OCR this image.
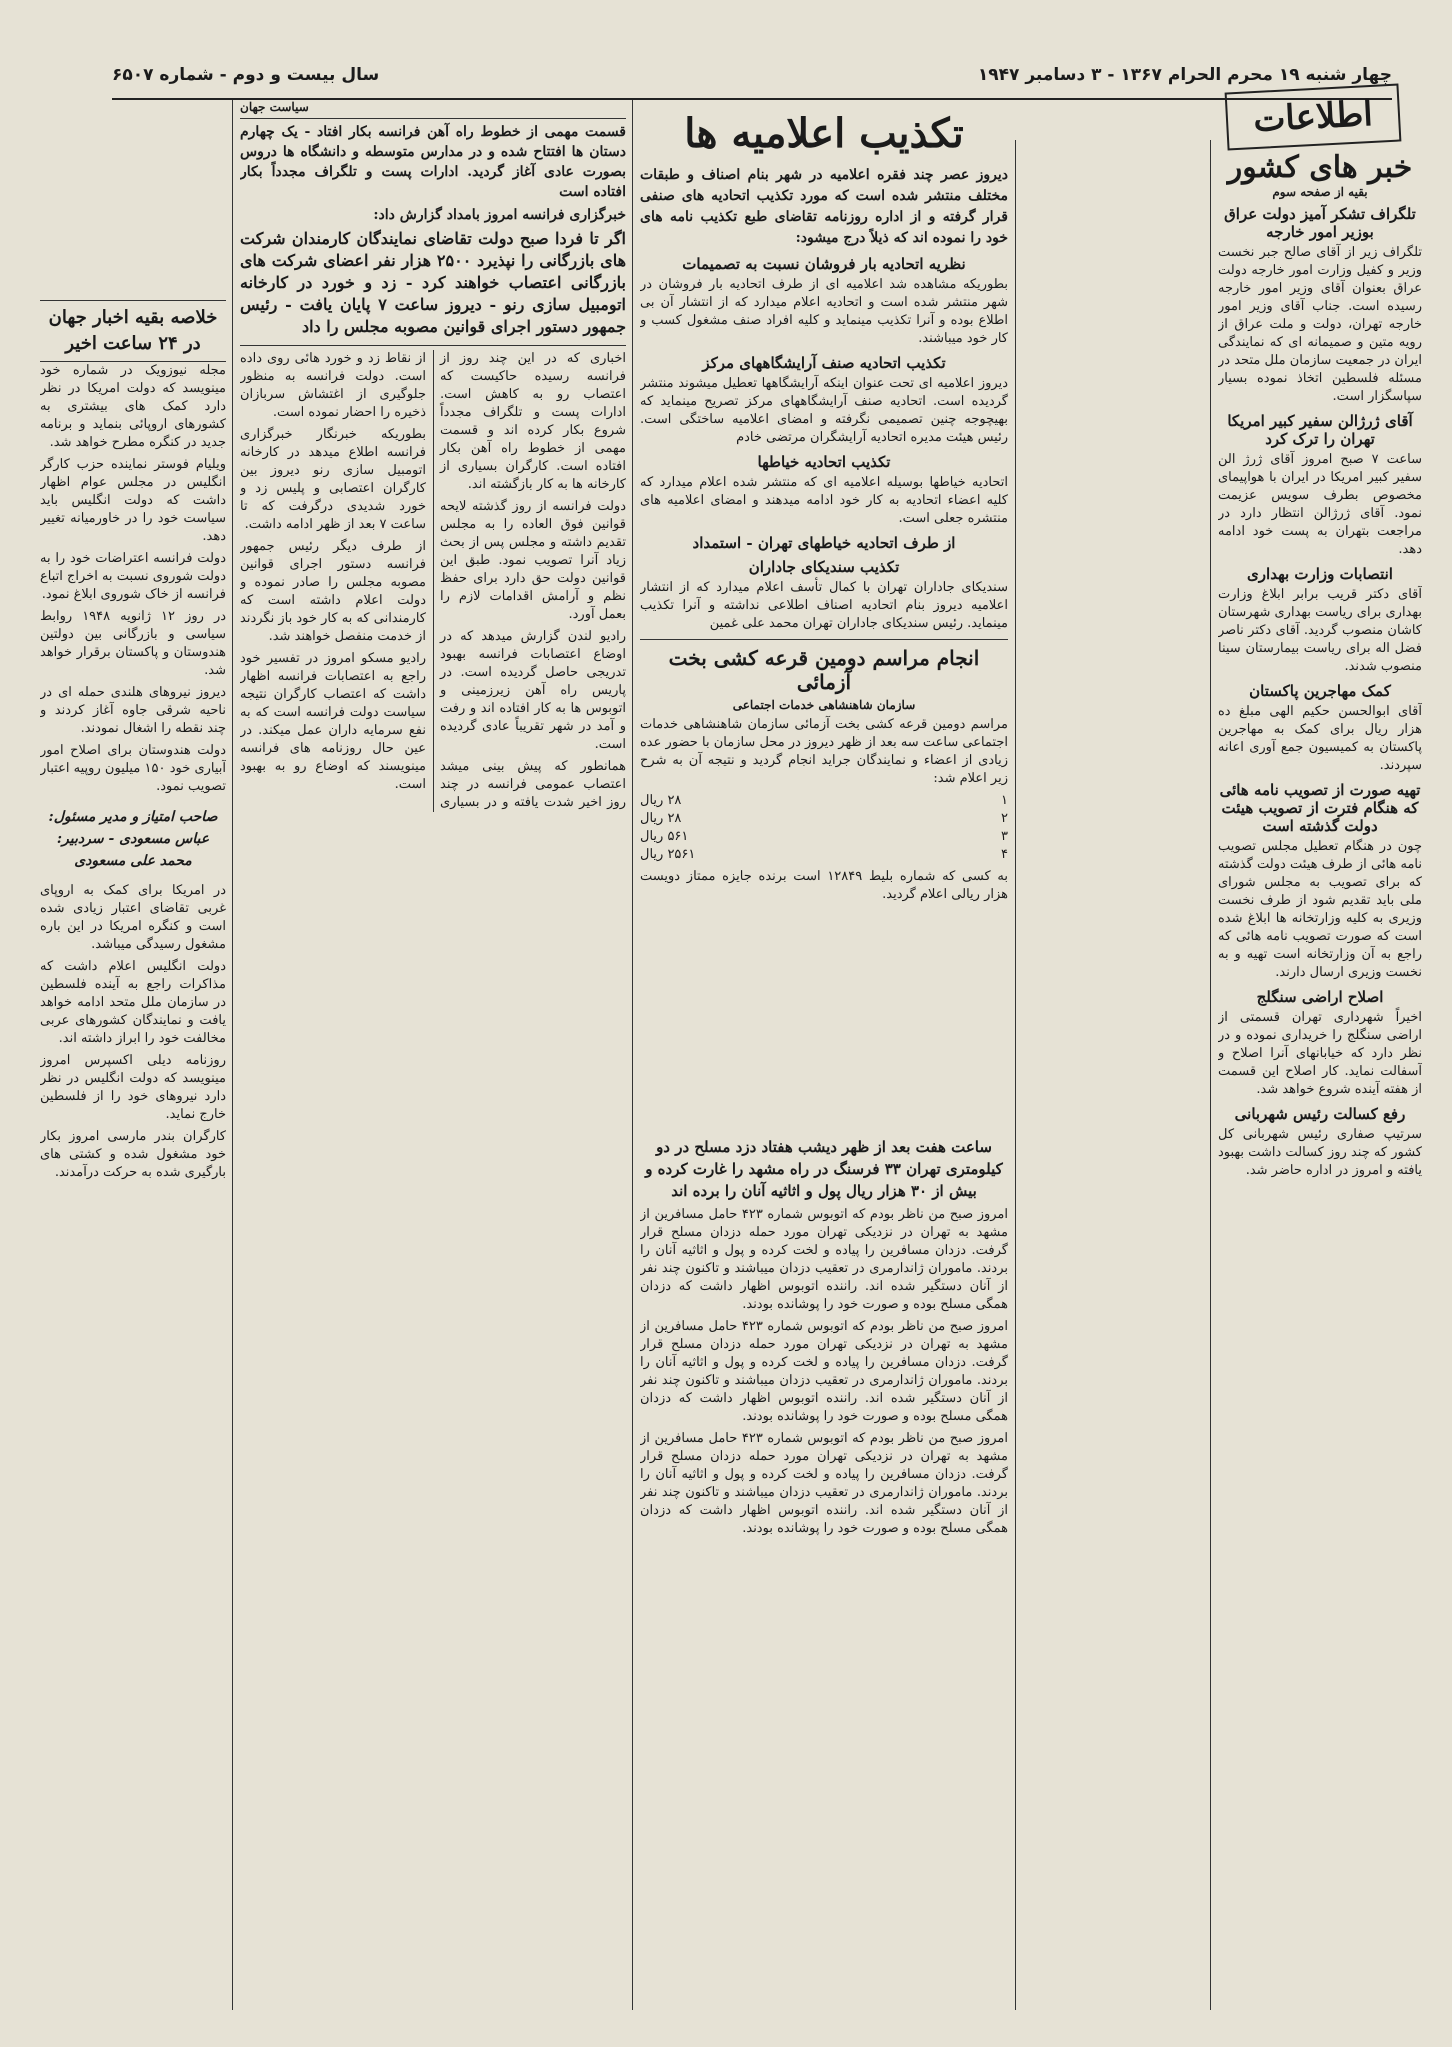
چهار شنبه ۱۹ محرم الحرام ۱۳۶۷ - ۳ دسامبر ۱۹۴۷
سال بیست و دوم - شماره ۶۵۰۷
اطلاعات
خبر های کشور
بقیه از صفحه سوم
تلگراف تشکر آمیز دولت عراق بوزیر امور خارجه

تلگراف زیر از آقای صالح جبر نخست وزیر و کفیل وزارت امور خارجه دولت عراق بعنوان آقای وزیر امور خارجه رسیده است. جناب آقای وزیر امور خارجه تهران، دولت و ملت عراق از رویه متین و صمیمانه ای که نمایندگی ایران در جمعیت سازمان ملل متحد در مسئله فلسطین اتخاذ نموده بسیار سپاسگزار است.

آقای ژرژالن سفیر کبیر امریکا تهران را ترک کرد

ساعت ۷ صبح امروز آقای ژرژ الن سفیر کبیر امریکا در ایران با هواپیمای مخصوص بطرف سویس عزیمت نمود. آقای ژرژالن انتظار دارد در مراجعت بتهران به پست خود ادامه دهد.

انتصابات وزارت بهداری

آقای دکتر قریب برابر ابلاغ وزارت بهداری برای ریاست بهداری شهرستان کاشان منصوب گردید. آقای دکتر ناصر فضل اله برای ریاست بیمارستان سینا منصوب شدند.

کمک مهاجرین پاکستان

آقای ابوالحسن حکیم الهی مبلغ ده هزار ریال برای کمک به مهاجرین پاکستان به کمیسیون جمع آوری اعانه سپردند.

تهیه صورت از تصویب نامه هائی که هنگام فترت از تصویب هیئت دولت گذشته است

چون در هنگام تعطیل مجلس تصویب نامه هائی از طرف هیئت دولت گذشته که برای تصویب به مجلس شورای ملی باید تقدیم شود از طرف نخست وزیری به کلیه وزارتخانه ها ابلاغ شده است که صورت تصویب نامه هائی که راجع به آن وزارتخانه است تهیه و به نخست وزیری ارسال دارند.

اصلاح اراضی سنگلج

اخیراً شهرداری تهران قسمتی از اراضی سنگلج را خریداری نموده و در نظر دارد که خیابانهای آنرا اصلاح و آسفالت نماید. کار اصلاح این قسمت از هفته آینده شروع خواهد شد.

رفع کسالت رئیس شهربانی

سرتیپ صفاری رئیس شهربانی کل کشور که چند روز کسالت داشت بهبود یافته و امروز در اداره حاضر شد.

تکذیب اعلامیه ها

دیروز عصر چند فقره اعلامیه در شهر بنام اصناف و طبقات مختلف منتشر شده است که مورد تکذیب اتحادیه های صنفی قرار گرفته و از اداره روزنامه تقاضای طبع تکذیب نامه های خود را نموده اند که ذیلاً درج میشود:

نظریه اتحادیه بار فروشان نسبت به تصمیمات

بطوریکه مشاهده شد اعلامیه ای از طرف اتحادیه بار فروشان در شهر منتشر شده است و اتحادیه اعلام میدارد که از انتشار آن بی اطلاع بوده و آنرا تکذیب مینماید و کلیه افراد صنف مشغول کسب و کار خود میباشند.

تکذیب اتحادیه صنف آرایشگاههای مرکز

دیروز اعلامیه ای تحت عنوان اینکه آرایشگاهها تعطیل میشوند منتشر گردیده است. اتحادیه صنف آرایشگاههای مرکز تصریح مینماید که بهیچوجه چنین تصمیمی نگرفته و امضای اعلامیه ساختگی است. رئیس هیئت مدیره اتحادیه آرایشگران مرتضی خادم

تکذیب اتحادیه خیاطها

اتحادیه خیاطها بوسیله اعلامیه ای که منتشر شده اعلام میدارد که کلیه اعضاء اتحادیه به کار خود ادامه میدهند و امضای اعلامیه های منتشره جعلی است.

از طرف اتحادیه خیاطهای تهران - استمداد
تکذیب سندیکای جاداران

سندیکای جاداران تهران با کمال تأسف اعلام میدارد که از انتشار اعلامیه دیروز بنام اتحادیه اصناف اطلاعی نداشته و آنرا تکذیب مینماید. رئیس سندیکای جاداران تهران محمد علی غمین

انجام مراسم دومین قرعه کشی بخت آزمائی
سازمان شاهنشاهی خدمات اجتماعی

مراسم دومین قرعه کشی بخت آزمائی سازمان شاهنشاهی خدمات اجتماعی ساعت سه بعد از ظهر دیروز در محل سازمان با حضور عده زیادی از اعضاء و نمایندگان جراید انجام گردید و نتیجه آن به شرح زیر اعلام شد:

۱
۲۸ ریال
۲
۲۸ ریال
۳
۵۶۱ ریال
۴
۲۵۶۱ ریال

به کسی که شماره بلیط ۱۲۸۴۹ است برنده جایزه ممتاز دویست هزار ریالی اعلام گردید.

ساعت هفت بعد از ظهر دیشب هفتاد دزد مسلح در دو کیلومتری تهران ۳۳ فرسنگ در راه مشهد را غارت کرده و بیش از ۳۰ هزار ریال پول و اثاثیه آنان را برده اند

امروز صبح من ناظر بودم که اتوبوس شماره ۴۲۳ حامل مسافرین از مشهد به تهران در نزدیکی تهران مورد حمله دزدان مسلح قرار گرفت. دزدان مسافرین را پیاده و لخت کرده و پول و اثاثیه آنان را بردند. ماموران ژاندارمری در تعقیب دزدان میباشند و تاکنون چند نفر از آنان دستگیر شده اند. راننده اتوبوس اظهار داشت که دزدان همگی مسلح بوده و صورت خود را پوشانده بودند.

امروز صبح من ناظر بودم که اتوبوس شماره ۴۲۳ حامل مسافرین از مشهد به تهران در نزدیکی تهران مورد حمله دزدان مسلح قرار گرفت. دزدان مسافرین را پیاده و لخت کرده و پول و اثاثیه آنان را بردند. ماموران ژاندارمری در تعقیب دزدان میباشند و تاکنون چند نفر از آنان دستگیر شده اند. راننده اتوبوس اظهار داشت که دزدان همگی مسلح بوده و صورت خود را پوشانده بودند.

امروز صبح من ناظر بودم که اتوبوس شماره ۴۲۳ حامل مسافرین از مشهد به تهران در نزدیکی تهران مورد حمله دزدان مسلح قرار گرفت. دزدان مسافرین را پیاده و لخت کرده و پول و اثاثیه آنان را بردند. ماموران ژاندارمری در تعقیب دزدان میباشند و تاکنون چند نفر از آنان دستگیر شده اند. راننده اتوبوس اظهار داشت که دزدان همگی مسلح بوده و صورت خود را پوشانده بودند.

سیاست جهان

قسمت مهمی از خطوط راه آهن فرانسه بکار افتاد - یک چهارم دستان ها افتتاح شده و در مدارس متوسطه و دانشگاه ها دروس بصورت عادی آغاز گردید. ادارات پست و تلگراف مجدداً بکار افتاده است

خبرگزاری فرانسه امروز بامداد گزارش داد:

اگر تا فردا صبح دولت تقاضای نمایندگان کارمندان شرکت های بازرگانی را نپذیرد ۲۵۰۰ هزار نفر اعضای شرکت های بازرگانی اعتصاب خواهند کرد - زد و خورد در کارخانه اتومبیل سازی رنو - دیروز ساعت ۷ پایان یافت - رئیس جمهور دستور اجرای قوانین مصوبه مجلس را داد

اخباری که در این چند روز از فرانسه رسیده حاکیست که اعتصاب رو به کاهش است. ادارات پست و تلگراف مجدداً شروع بکار کرده اند و قسمت مهمی از خطوط راه آهن بکار افتاده است. کارگران بسیاری از کارخانه ها به کار بازگشته اند.

دولت فرانسه از روز گذشته لایحه قوانین فوق العاده را به مجلس تقدیم داشته و مجلس پس از بحث زیاد آنرا تصویب نمود. طبق این قوانین دولت حق دارد برای حفظ نظم و آرامش اقدامات لازم را بعمل آورد.

رادیو لندن گزارش میدهد که در اوضاع اعتصابات فرانسه بهبود تدریجی حاصل گردیده است. در پاریس راه آهن زیرزمینی و اتوبوس ها به کار افتاده اند و رفت و آمد در شهر تقریباً عادی گردیده است.

همانطور که پیش بینی میشد اعتصاب عمومی فرانسه در چند روز اخیر شدت یافته و در بسیاری از نقاط زد و خورد هائی روی داده است. دولت فرانسه به منظور جلوگیری از اغتشاش سربازان ذخیره را احضار نموده است.

بطوریکه خبرنگار خبرگزاری فرانسه اطلاع میدهد در کارخانه اتومبیل سازی رنو دیروز بین کارگران اعتصابی و پلیس زد و خورد شدیدی درگرفت که تا ساعت ۷ بعد از ظهر ادامه داشت.

از طرف دیگر رئیس جمهور فرانسه دستور اجرای قوانین مصوبه مجلس را صادر نموده و دولت اعلام داشته است که کارمندانی که به کار خود باز نگردند از خدمت منفصل خواهند شد.

رادیو مسکو امروز در تفسیر خود راجع به اعتصابات فرانسه اظهار داشت که اعتصاب کارگران نتیجه سیاست دولت فرانسه است که به نفع سرمایه داران عمل میکند. در عین حال روزنامه های فرانسه مینویسند که اوضاع رو به بهبود است.

خلاصه بقیه اخبار جهان در ۲۴ ساعت اخیر

مجله نیوزویک در شماره خود مینویسد که دولت امریکا در نظر دارد کمک های بیشتری به کشورهای اروپائی بنماید و برنامه جدید در کنگره مطرح خواهد شد.

ویلیام فوستر نماینده حزب کارگر انگلیس در مجلس عوام اظهار داشت که دولت انگلیس باید سیاست خود را در خاورمیانه تغییر دهد.

دولت فرانسه اعتراضات خود را به دولت شوروی نسبت به اخراج اتباع فرانسه از خاک شوروی ابلاغ نمود.

در روز ۱۲ ژانویه ۱۹۴۸ روابط سیاسی و بازرگانی بین دولتین هندوستان و پاکستان برقرار خواهد شد.

دیروز نیروهای هلندی حمله ای در ناحیه شرقی جاوه آغاز کردند و چند نقطه را اشغال نمودند.

دولت هندوستان برای اصلاح امور آبیاری خود ۱۵۰ میلیون روپیه اعتبار تصویب نمود.

صاحب امتیاز و مدیر مسئول: عباس مسعودی - سردبیر: محمد علی مسعودی

در امریکا برای کمک به اروپای غربی تقاضای اعتبار زیادی شده است و کنگره امریکا در این باره مشغول رسیدگی میباشد.

دولت انگلیس اعلام داشت که مذاکرات راجع به آینده فلسطین در سازمان ملل متحد ادامه خواهد یافت و نمایندگان کشورهای عربی مخالفت خود را ابراز داشته اند.

روزنامه دیلی اکسپرس امروز مینویسد که دولت انگلیس در نظر دارد نیروهای خود را از فلسطین خارج نماید.

کارگران بندر مارسی امروز بکار خود مشغول شده و کشتی های بارگیری شده به حرکت درآمدند.
